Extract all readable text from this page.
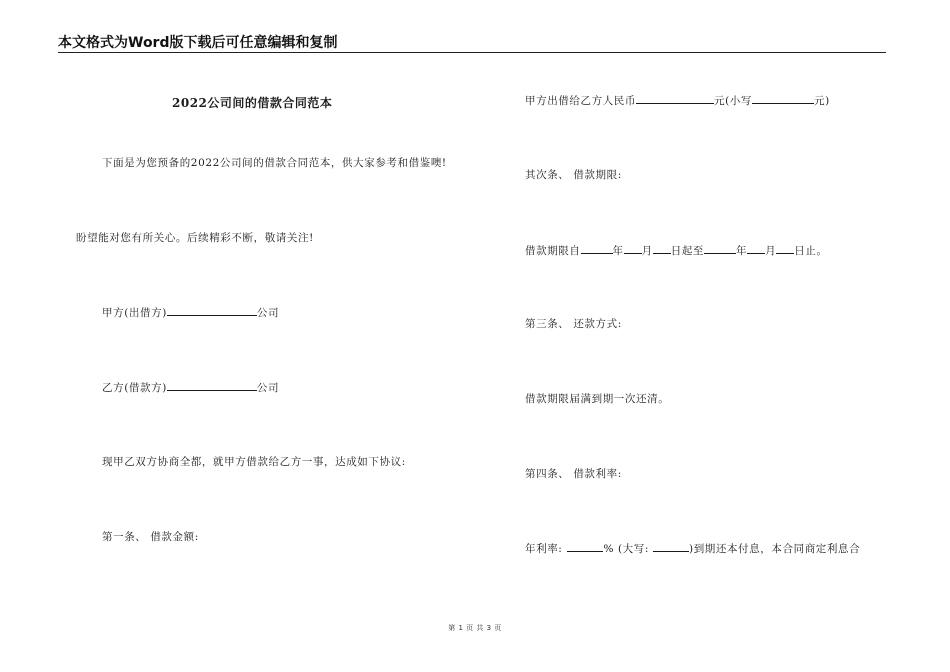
本文格式为Word版下载后可任意编辑和复制
2022公司间的借款合同范本
下面是为您预备的2022公司间的借款合同范本，供大家参考和借鉴噢!
盼望能对您有所关心。后续精彩不断，敬请关注!
甲方(出借方)	公司
乙方(借款方)	公司
现甲乙双方协商全都，就甲方借款给乙方一事，达成如下协议:
第一条、 借款金额:
甲方出借给乙方人民币	元(小写	元)
其次条、 借款期限:
借款期限自	年 月 日起至	年 月 日止。
第三条、 还款方式:
借款期限届满到期一次还清。
第四条、 借款利率:
年利率:	% (大写:	)到期还本付息，本合同商定利息合
第 1 页 共 3 页
